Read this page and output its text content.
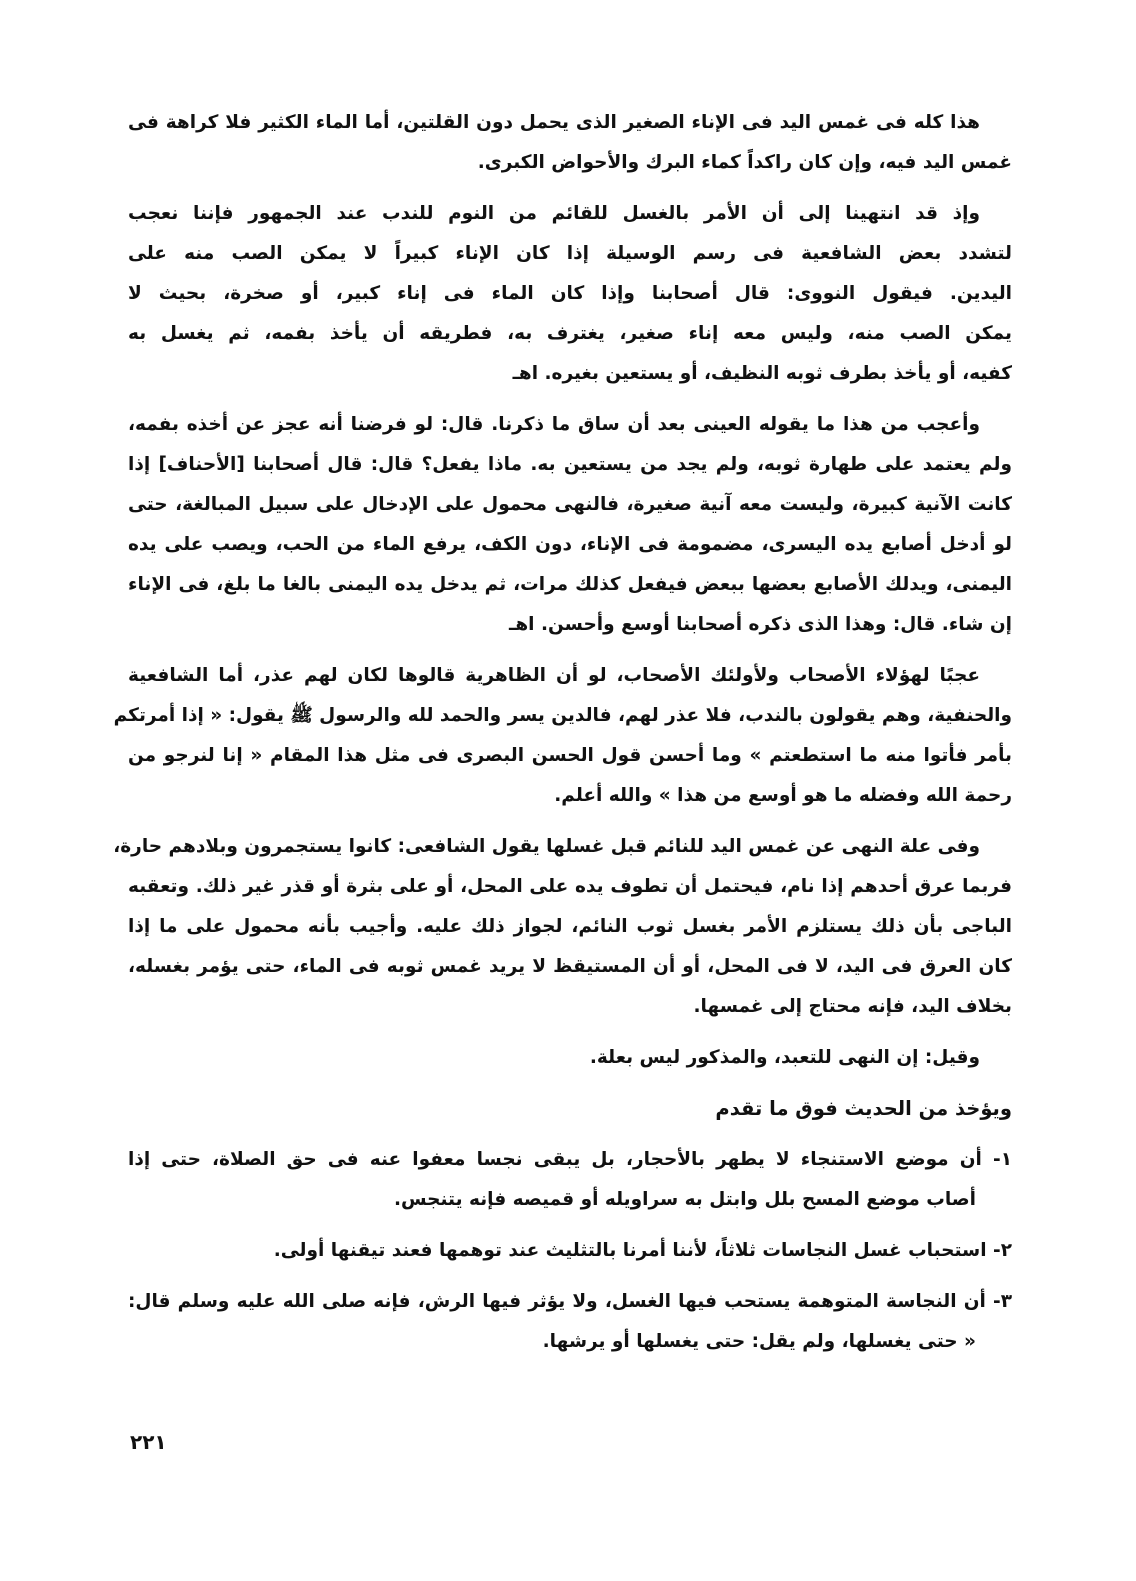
هذا كله فى غمس اليد فى الإناء الصغير الذى يحمل دون القلتين، أما الماء الكثير فلا كراهة فى
غمس اليد فيه، وإن كان راكداً كماء البرك والأحواض الكبرى.
وإذ قد انتهينا إلى أن الأمر بالغسل للقائم من النوم للندب عند الجمهور فإننا نعجب
لتشدد بعض الشافعية فى رسم الوسيلة إذا كان الإناء كبيراً لا يمكن الصب منه على
اليدين. فيقول النووى: قال أصحابنا وإذا كان الماء فى إناء كبير، أو صخرة، بحيث لا
يمكن الصب منه، وليس معه إناء صغير، يغترف به، فطريقه أن يأخذ بفمه، ثم يغسل به
كفيه، أو يأخذ بطرف ثوبه النظيف، أو يستعين بغيره. اهـ
وأعجب من هذا ما يقوله العينى بعد أن ساق ما ذكرنا. قال: لو فرضنا أنه عجز عن أخذه بفمه،
ولم يعتمد على طهارة ثوبه، ولم يجد من يستعين به. ماذا يفعل؟ قال: قال أصحابنا [الأحناف] إذا
كانت الآنية كبيرة، وليست معه آنية صغيرة، فالنهى محمول على الإدخال على سبيل المبالغة، حتى
لو أدخل أصابع يده اليسرى، مضمومة فى الإناء، دون الكف، يرفع الماء من الحب، ويصب على يده
اليمنى، ويدلك الأصابع بعضها ببعض فيفعل كذلك مرات، ثم يدخل يده اليمنى بالغا ما بلغ، فى الإناء
إن شاء. قال: وهذا الذى ذكره أصحابنا أوسع وأحسن. اهـ
عجبًا لهؤلاء الأصحاب ولأولئك الأصحاب، لو أن الظاهرية قالوها لكان لهم عذر، أما الشافعية
والحنفية، وهم يقولون بالندب، فلا عذر لهم، فالدين يسر والحمد لله والرسول ﷺ يقول: « إذا أمرتكم
بأمر فأتوا منه ما استطعتم » وما أحسن قول الحسن البصرى فى مثل هذا المقام « إنا لنرجو من
رحمة الله وفضله ما هو أوسع من هذا » والله أعلم.
وفى علة النهى عن غمس اليد للنائم قبل غسلها يقول الشافعى: كانوا يستجمرون وبلادهم حارة،
فربما عرق أحدهم إذا نام، فيحتمل أن تطوف يده على المحل، أو على بثرة أو قذر غير ذلك. وتعقبه
الباجى بأن ذلك يستلزم الأمر بغسل ثوب النائم، لجواز ذلك عليه. وأجيب بأنه محمول على ما إذا
كان العرق فى اليد، لا فى المحل، أو أن المستيقظ لا يريد غمس ثوبه فى الماء، حتى يؤمر بغسله،
بخلاف اليد، فإنه محتاج إلى غمسها.
وقيل: إن النهى للتعبد، والمذكور ليس بعلة.
ويؤخذ من الحديث فوق ما تقدم
١- أن موضع الاستنجاء لا يطهر بالأحجار، بل يبقى نجسا معفوا عنه فى حق الصلاة، حتى إذا
أصاب موضع المسح بلل وابتل به سراويله أو قميصه فإنه يتنجس.
٢- استحباب غسل النجاسات ثلاثاً، لأننا أمرنا بالتثليث عند توهمها فعند تيقنها أولى.
٣- أن النجاسة المتوهمة يستحب فيها الغسل، ولا يؤثر فيها الرش، فإنه صلى الله عليه وسلم قال:
« حتى يغسلها، ولم يقل: حتى يغسلها أو يرشها.
٢٢١
